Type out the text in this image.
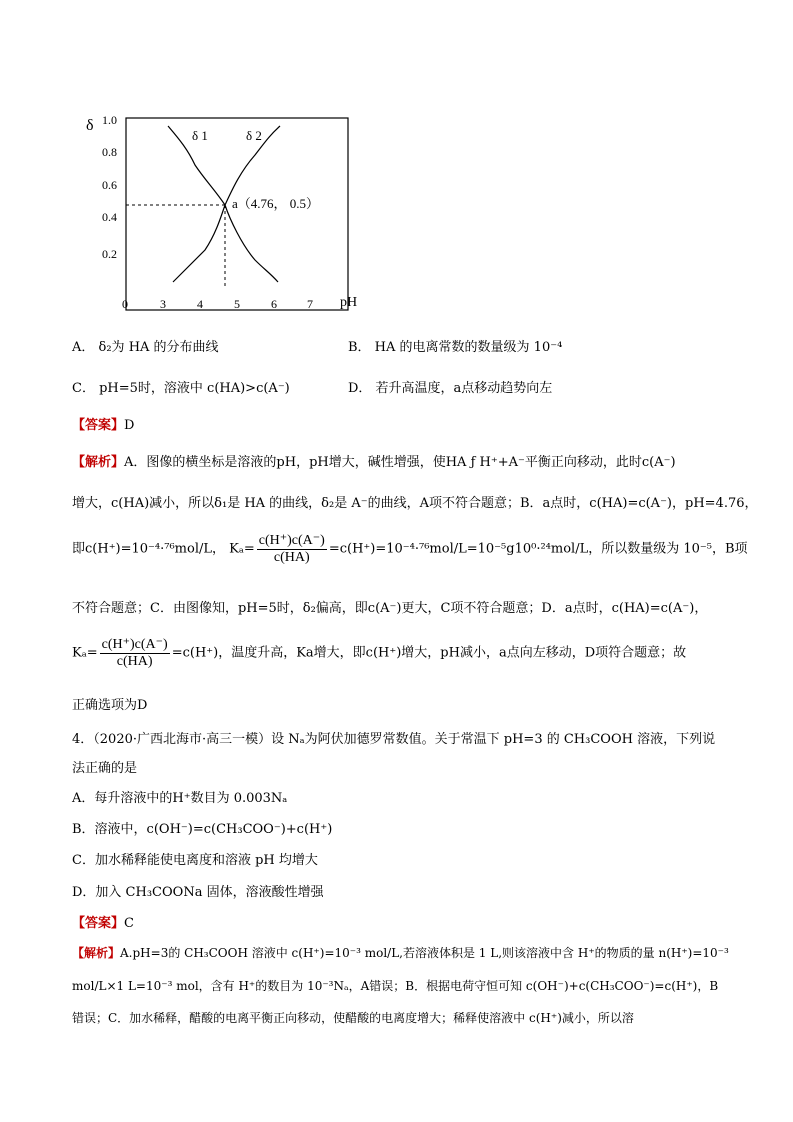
δ 1.0
0.8
0.6
0.4
0.2
0	3	4	5	6	7 pH
δ 1	δ 2
a（4.76， 0.5）
A． δ₂为 HA 的分布曲线	B． HA 的电离常数的数量级为 10⁻⁴
C． pH=5时，溶液中 c(HA)>c(A⁻)	D． 若升高温度，a点移动趋势向左
【答案】D
【解析】A．图像的横坐标是溶液的pH，pH增大，碱性增强，使HA ƒ H⁺+A⁻平衡正向移动，此时c(A⁻)
增大，c(HA)减小，所以δ₁是 HA 的曲线，δ₂是 A⁻的曲线，A项不符合题意；B．a点时，c(HA)=c(A⁻)，pH=4.76，
即c(H⁺)=10⁻⁴·⁷⁶mol/L， $K_a= \frac{c(H^+)c(A^-)}{c(HA)} =c(H^+)=10^{-4}\cdot^{76}mol/L=10^{-5}g10^0\cdot^{24}mol/L$，所以数量级为 10⁻⁵，B项
不符合题意；C．由图像知，pH=5时，δ₂偏高，即c(A⁻)更大，C项不符合题意；D．a点时，c(HA)=c(A⁻)，
$K_a= \frac{c(H^+)c(A^-)}{c(HA)} =c(H^+)$，温度升高，Ka增大，即c(H⁺)增大，pH减小，a点向左移动，D项符合题意；故
正确选项为D
4．（2020·广西北海市·高三一模）设 Nₐ为阿伏加德罗常数值。关于常温下 pH=3 的 CH₃COOH 溶液，下列说
法正确的是
A．每升溶液中的H⁺数目为 0.003Nₐ
B．溶液中，c(OH⁻)=c(CH₃COO⁻)+c(H⁺)
C．加水稀释能使电离度和溶液 pH 均增大
D．加入 CH₃COONa 固体，溶液酸性增强
【答案】C
【解析】A.pH=3的 CH₃COOH 溶液中 c(H⁺)=10⁻³ mol/L,若溶液体积是 1 L,则该溶液中含 H⁺的物质的量 n(H⁺)=10⁻³
mol/L×1 L=10⁻³ mol，含有 H⁺的数目为 10⁻³Nₐ，A错误；B．根据电荷守恒可知 c(OH⁻)+c(CH₃COO⁻)=c(H⁺)，B
错误；C．加水稀释，醋酸的电离平衡正向移动，使醋酸的电离度增大；稀释使溶液中 c(H⁺)减小，所以溶
